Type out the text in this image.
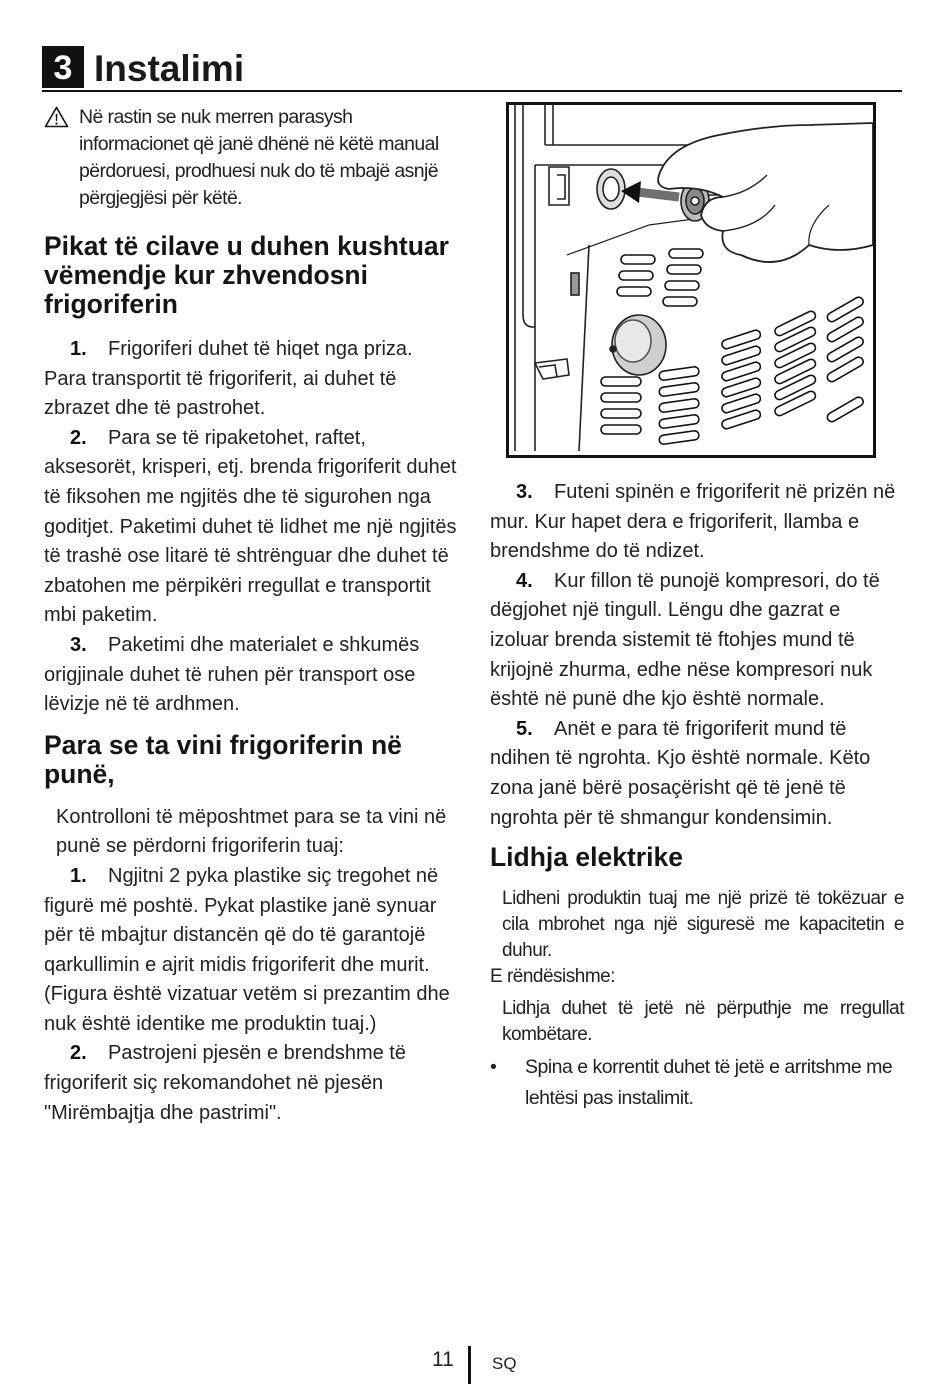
3 Instalimi
Në rastin se nuk merren parasysh informacionet që janë dhënë në këtë manual përdoruesi, prodhuesi nuk do të mbajë asnjë përgjegjësi për këtë.
Pikat të cilave u duhen kushtuar vëmendje kur zhvendosni frigoriferin

1. Frigoriferi duhet të hiqet nga priza. Para transportit të frigoriferit, ai duhet të zbrazet dhe të pastrohet.

2. Para se të ripaketohet, raftet, aksesorët, krisperi, etj. brenda frigoriferit duhet të fiksohen me ngjitës dhe të sigurohen nga goditjet. Paketimi duhet të lidhet me një ngjitës të trashë ose litarë të shtrënguar dhe duhet të zbatohen me përpikëri rregullat e transportit mbi paketim.

3. Paketimi dhe materialet e shkumës origjinale duhet të ruhen për transport ose lëvizje në të ardhmen.

Para se ta vini frigoriferin në punë,

Kontrolloni të mëposhtmet para se ta vini në punë se përdorni frigoriferin tuaj:

1. Ngjitni 2 pyka plastike siç tregohet në figurë më poshtë. Pykat plastike janë synuar për të mbajtur distancën që do të garantojë qarkullimin e ajrit midis frigoriferit dhe murit. (Figura është vizatuar vetëm si prezantim dhe nuk është identike me produktin tuaj.)

2. Pastrojeni pjesën e brendshme të frigoriferit siç rekomandohet në pjesën "Mirëmbajtja dhe pastrimi".

3. Futeni spinën e frigoriferit në prizën në mur. Kur hapet dera e frigoriferit, llamba e brendshme do të ndizet.

4. Kur fillon të punojë kompresori, do të dëgjohet një tingull. Lëngu dhe gazrat e izoluar brenda sistemit të ftohjes mund të krijojnë zhurma, edhe nëse kompresori nuk është në punë dhe kjo është normale.

5. Anët e para të frigoriferit mund të ndihen të ngrohta. Kjo është normale. Këto zona janë bërë posaçërisht që të jenë të ngrohta për të shmangur kondensimin.

Lidhja elektrike

Lidheni produktin tuaj me një prizë të tokëzuar e cila mbrohet nga një siguresë me kapacitetin e duhur.

E rëndësishme:

Lidhja duhet të jetë në përputhje me rregullat kombëtare.

• Spina e korrentit duhet të jetë e arritshme me lehtësi pas instalimit.
11 SQ
